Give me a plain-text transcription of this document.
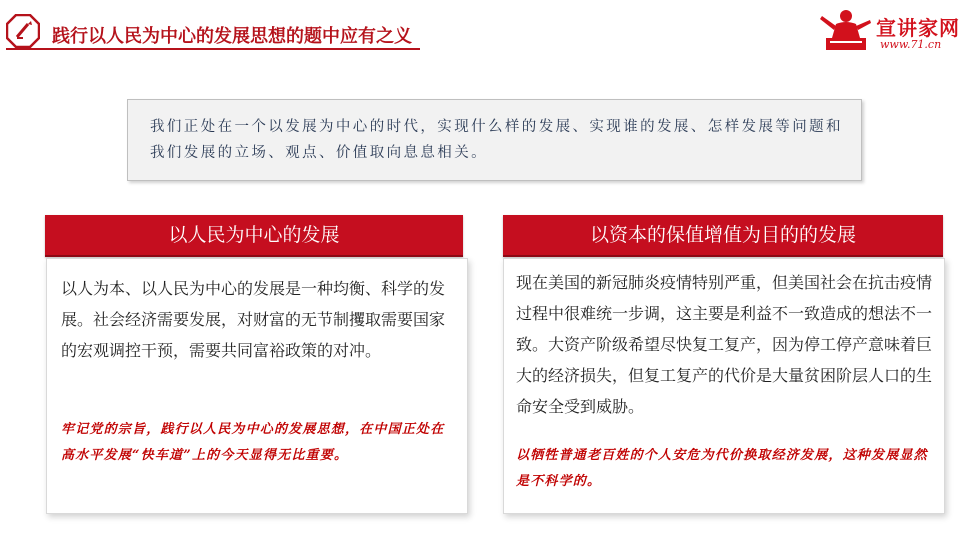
践行以人民为中心的发展思想的题中应有之义	宣讲家网
www.71.cn
我们正处在一个以发展为中心的时代，实现什么样的发展、实现谁的发展、怎样发展等问题和我们发展的立场、观点、价值取向息息相关。
以人民为中心的发展
以人为本、以人民为中心的发展是一种均衡、科学的发展。社会经济需要发展，对财富的无节制攫取需要国家的宏观调控干预，需要共同富裕政策的对冲。
牢记党的宗旨，践行以人民为中心的发展思想，在中国正处在高水平发展“快车道”上的今天显得无比重要。
以资本的保值增值为目的的发展
现在美国的新冠肺炎疫情特别严重，但美国社会在抗击疫情过程中很难统一步调，这主要是利益不一致造成的想法不一致。大资产阶级希望尽快复工复产，因为停工停产意味着巨大的经济损失，但复工复产的代价是大量贫困阶层人口的生命安全受到威胁。
以牺牲普通老百姓的个人安危为代价换取经济发展，这种发展显然是不科学的。
